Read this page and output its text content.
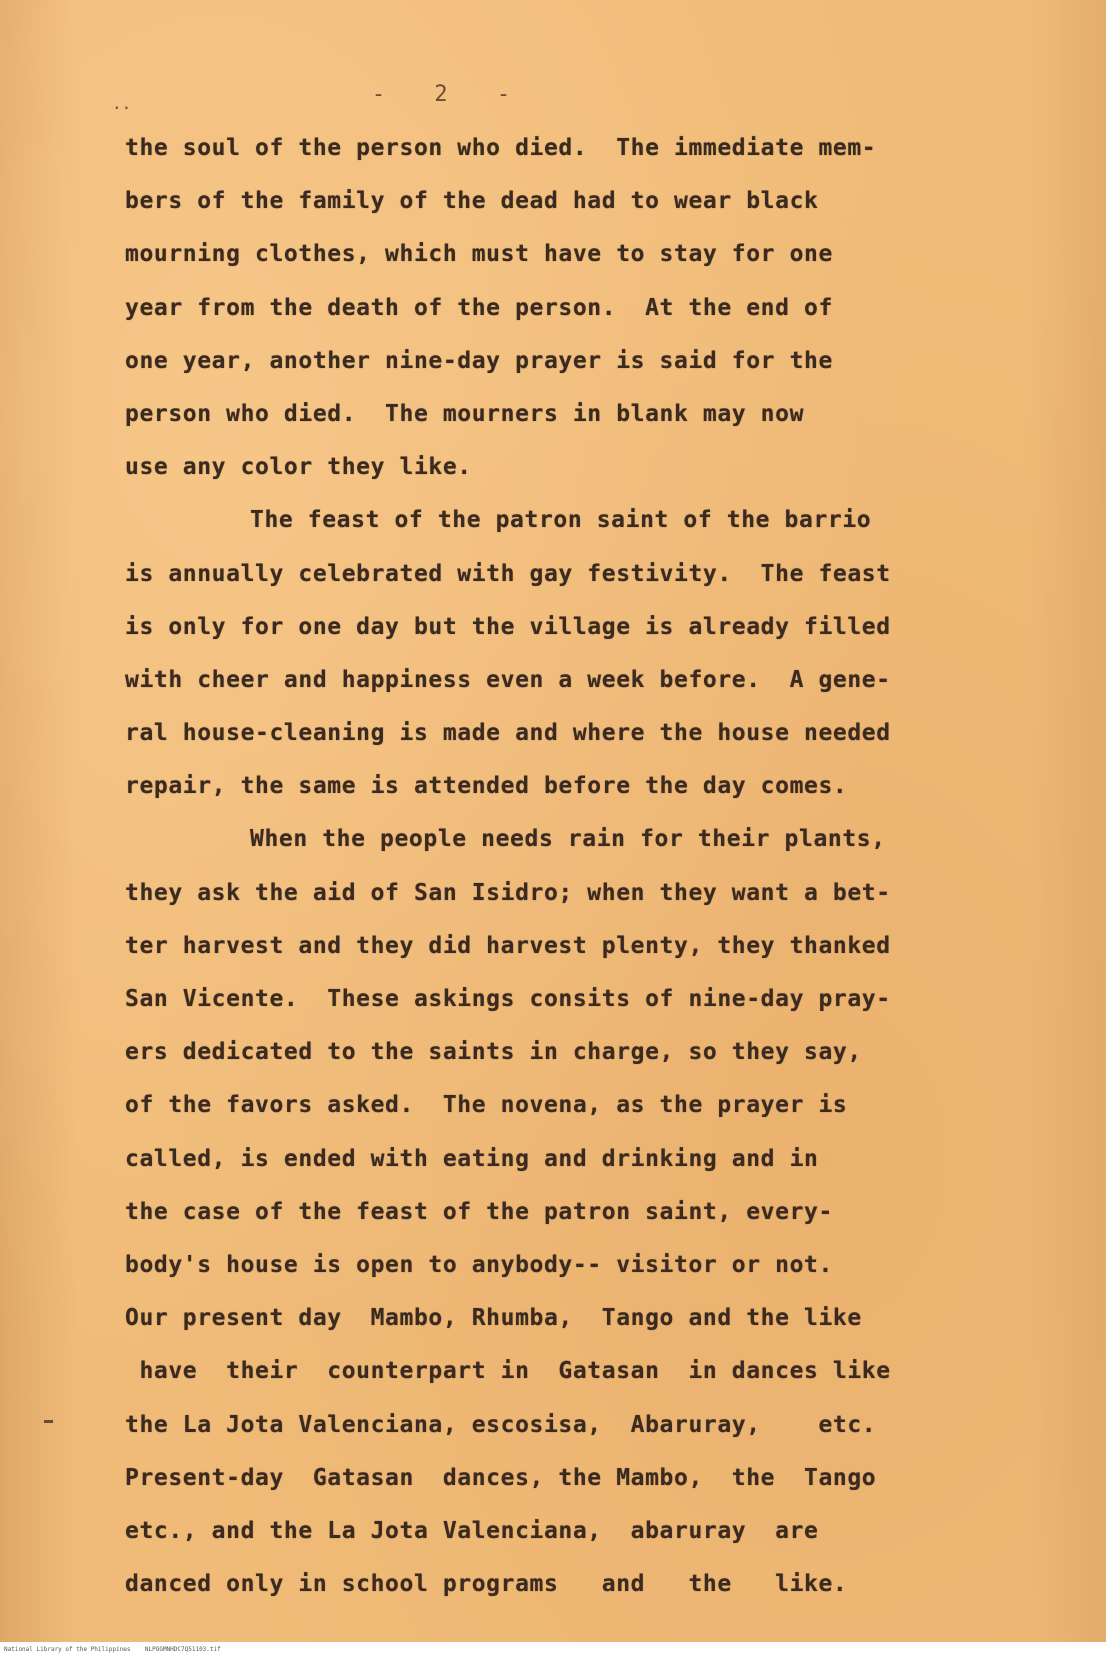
- 2 -
..
the soul of the person who died.  The immediate mem-
bers of the family of the dead had to wear black
mourning clothes, which must have to stay for one
year from the death of the person.  At the end of
one year, another nine-day prayer is said for the
person who died.  The mourners in blank may now
use any color they like.
The feast of the patron saint of the barrio
is annually celebrated with gay festivity.  The feast
is only for one day but the village is already filled
with cheer and happiness even a week before.  A gene-
ral house-cleaning is made and where the house needed
repair, the same is attended before the day comes.
When the people needs rain for their plants,
they ask the aid of San Isidro; when they want a bet-
ter harvest and they did harvest plenty, they thanked
San Vicente.  These askings consits of nine-day pray-
ers dedicated to the saints in charge, so they say,
of the favors asked.  The novena, as the prayer is
called, is ended with eating and drinking and in
the case of the feast of the patron saint, every-
body's house is open to anybody-- visitor or not.
Our present day  Mambo, Rhumba,  Tango and the like
have  their  counterpart in  Gatasan  in dances like
the La Jota Valenciana, escosisa,  Abaruray,    etc.
Present-day  Gatasan  dances, the Mambo,  the  Tango
etc., and the La Jota Valenciana,  abaruray  are
danced only in school programs   and   the   like.
National Library of the Philippines    NLPOGMNHDC7Q51103.tif
